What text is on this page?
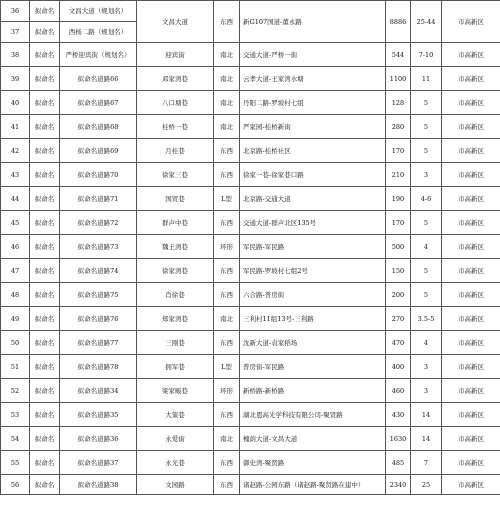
36	拟命名	文昌大道（规划名）	文昌大道	东西	新G107国道-董永路	8886	25-44	市高新区
37	拟命名	西杨二路（规划名）						
38	拟命名	严桥迎宾街（规划名）	迎宾街	南北	交通大道-严桥一街	544	7-10	市高新区
39	拟命名	拟命名道路66	邓家湾巷	南北	云孝大道-王家湾水塘	1100	11	市高新区
40	拟命名	拟命名道路67	八口塘巷	南北	丹阳二路-罗坡村七组	128	5	市高新区
41	拟命名	拟命名道路68	桂桥一巷	南北	严家园-桂桥新街	280	5	市高新区
42	拟命名	拟命名道路69	月桂巷	东西	北京路-桂桥社区	170	5	市高新区
43	拟命名	拟命名道路70	徐家三巷	东西	徐家一巷-徐家巷口路	210	3	市高新区
44	拟命名	拟命名道路71	国贸巷	L型	北京路-交通大道	190	4-6	市高新区
45	拟命名	拟命名道路72	群声中巷	东西	交通大道-群声北区135号	170	5	市高新区
46	拟命名	拟命名道路73	魏王湾巷	环形	军民路-军民路	500	4	市高新区
47	拟命名	拟命名道路74	徐家湾巷	东西	军民路-罗坡村七组2号	150	5	市高新区
48	拟命名	拟命名道路75	肖徐巷	东西	六合路-普房街	200	5	市高新区
49	拟命名	拟命名道路76	郑家湾巷	南北	三利村11组13号-三利路	270	3.5-5	市高新区
50	拟命名	拟命名道路77	三刚巷	东西	沈新大道-袁家稻场	470	4	市高新区
51	拟命名	拟命名道路78	拥军巷	L型	普房街-军民路	400	3	市高新区
52	拟命名	拟命名道路34	梁家畈巷	环形	新桥路-新桥路	460	3	市高新区
53	拟命名	拟命名道路35	大策巷	东西	湖北恩高光学科技有限公司-聚贤路	430	14	市高新区
54	拟命名	拟命名道路36	永爱街	南北	槐荫大道-文昌大道	1630	14	市高新区
55	拟命名	拟命名道路37	永光巷	东西	御史湾-聚贤路	485	7	市高新区
56	拟命名	拟命名道路38	文园路	东西	诸赵路-公园东路（诸赵路-聚贤路在建中）	2340	25	市高新区
